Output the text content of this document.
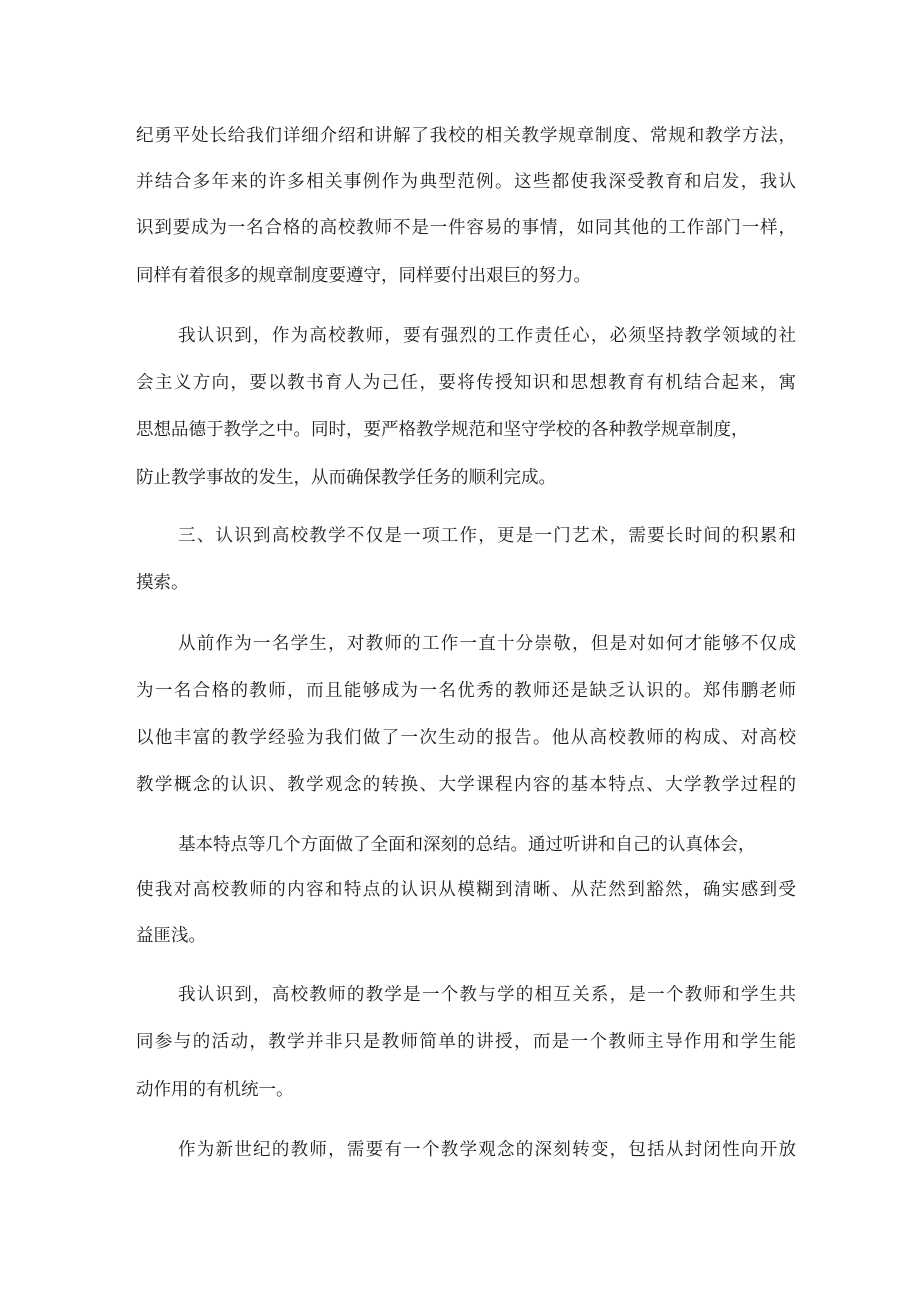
纪勇平处长给我们详细介绍和讲解了我校的相关教学规章制度、常规和教学方法，
并结合多年来的许多相关事例作为典型范例。这些都使我深受教育和启发，我认
识到要成为一名合格的高校教师不是一件容易的事情，如同其他的工作部门一样，
同样有着很多的规章制度要遵守，同样要付出艰巨的努力。
我认识到，作为高校教师，要有强烈的工作责任心，必须坚持教学领域的社
会主义方向，要以教书育人为己任，要将传授知识和思想教育有机结合起来，寓
思想品德于教学之中。同时，要严格教学规范和坚守学校的各种教学规章制度，
防止教学事故的发生，从而确保教学任务的顺利完成。
三、认识到高校教学不仅是一项工作，更是一门艺术，需要长时间的积累和
摸索。
从前作为一名学生，对教师的工作一直十分崇敬，但是对如何才能够不仅成
为一名合格的教师，而且能够成为一名优秀的教师还是缺乏认识的。郑伟鹏老师
以他丰富的教学经验为我们做了一次生动的报告。他从高校教师的构成、对高校
教学概念的认识、教学观念的转换、大学课程内容的基本特点、大学教学过程的
基本特点等几个方面做了全面和深刻的总结。通过听讲和自己的认真体会，
使我对高校教师的内容和特点的认识从模糊到清晰、从茫然到豁然，确实感到受
益匪浅。
我认识到，高校教师的教学是一个教与学的相互关系，是一个教师和学生共
同参与的活动，教学并非只是教师简单的讲授，而是一个教师主导作用和学生能
动作用的有机统一。
作为新世纪的教师，需要有一个教学观念的深刻转变，包括从封闭性向开放
